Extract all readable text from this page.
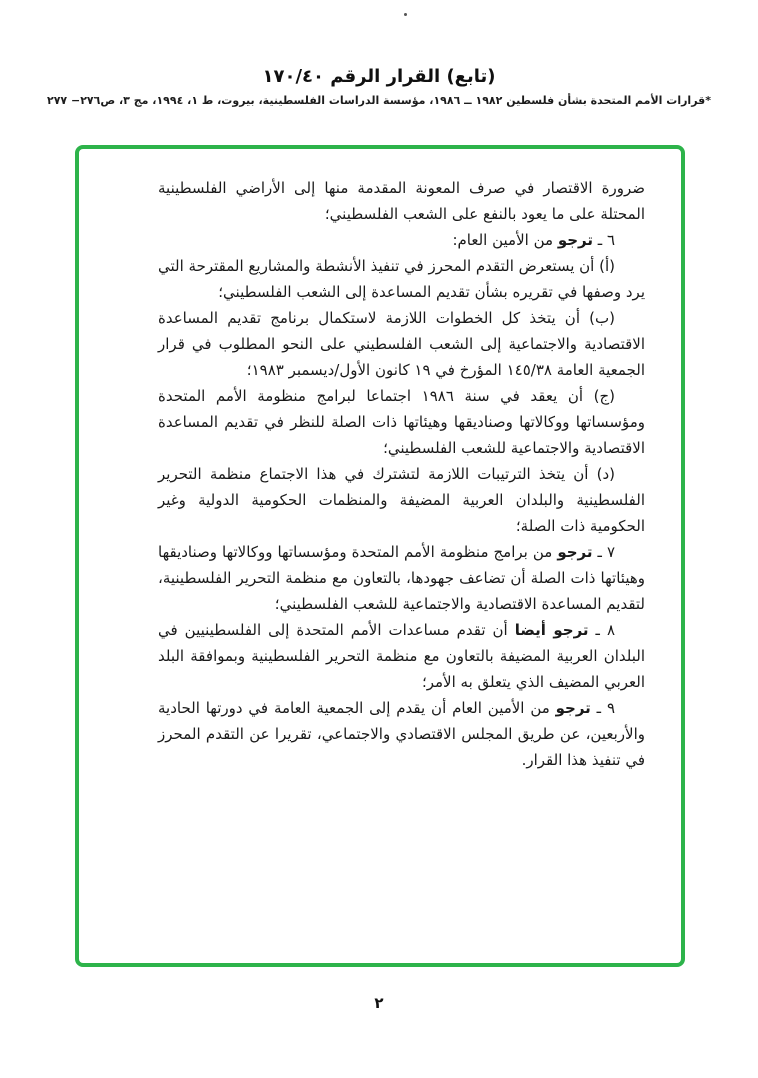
(تابع) القرار الرقم ١٧٠/٤٠
*قرارات الأمم المتحدة بشأن فلسطين ١٩٨٢ ــ ١٩٨٦، مؤسسة الدراسات الفلسطينية، بيروت، ط ١، ١٩٩٤، مج ٣، ص٢٧٦− ٢٧٧

ضرورة الاقتصار في صرف المعونة المقدمة منها إلى الأراضي الفلسطينية المحتلة على ما يعود بالنفع على الشعب الفلسطيني؛

٦ ـ ترجو من الأمين العام:

(أ) أن يستعرض التقدم المحرز في تنفيذ الأنشطة والمشاريع المقترحة التي يرد وصفها في تقريره بشأن تقديم المساعدة إلى الشعب الفلسطيني؛

(ب) أن يتخذ كل الخطوات اللازمة لاستكمال برنامج تقديم المساعدة الاقتصادية والاجتماعية إلى الشعب الفلسطيني على النحو المطلوب في قرار الجمعية العامة ١٤٥/٣٨ المؤرخ في ١٩ كانون الأول/ديسمبر ١٩٨٣؛

(ج) أن يعقد في سنة ١٩٨٦ اجتماعا لبرامج منظومة الأمم المتحدة ومؤسساتها ووكالاتها وصناديقها وهيئاتها ذات الصلة للنظر في تقديم المساعدة الاقتصادية والاجتماعية للشعب الفلسطيني؛

(د) أن يتخذ الترتيبات اللازمة لتشترك في هذا الاجتماع منظمة التحرير الفلسطينية والبلدان العربية المضيفة والمنظمات الحكومية الدولية وغير الحكومية ذات الصلة؛

٧ ـ ترجو من برامج منظومة الأمم المتحدة ومؤسساتها ووكالاتها وصناديقها وهيئاتها ذات الصلة أن تضاعف جهودها، بالتعاون مع منظمة التحرير الفلسطينية، لتقديم المساعدة الاقتصادية والاجتماعية للشعب الفلسطيني؛

٨ ـ ترجو أيضا أن تقدم مساعدات الأمم المتحدة إلى الفلسطينيين في البلدان العربية المضيفة بالتعاون مع منظمة التحرير الفلسطينية وبموافقة البلد العربي المضيف الذي يتعلق به الأمر؛

٩ ـ ترجو من الأمين العام أن يقدم إلى الجمعية العامة في دورتها الحادية والأربعين، عن طريق المجلس الاقتصادي والاجتماعي، تقريرا عن التقدم المحرز في تنفيذ هذا القرار.

٢
